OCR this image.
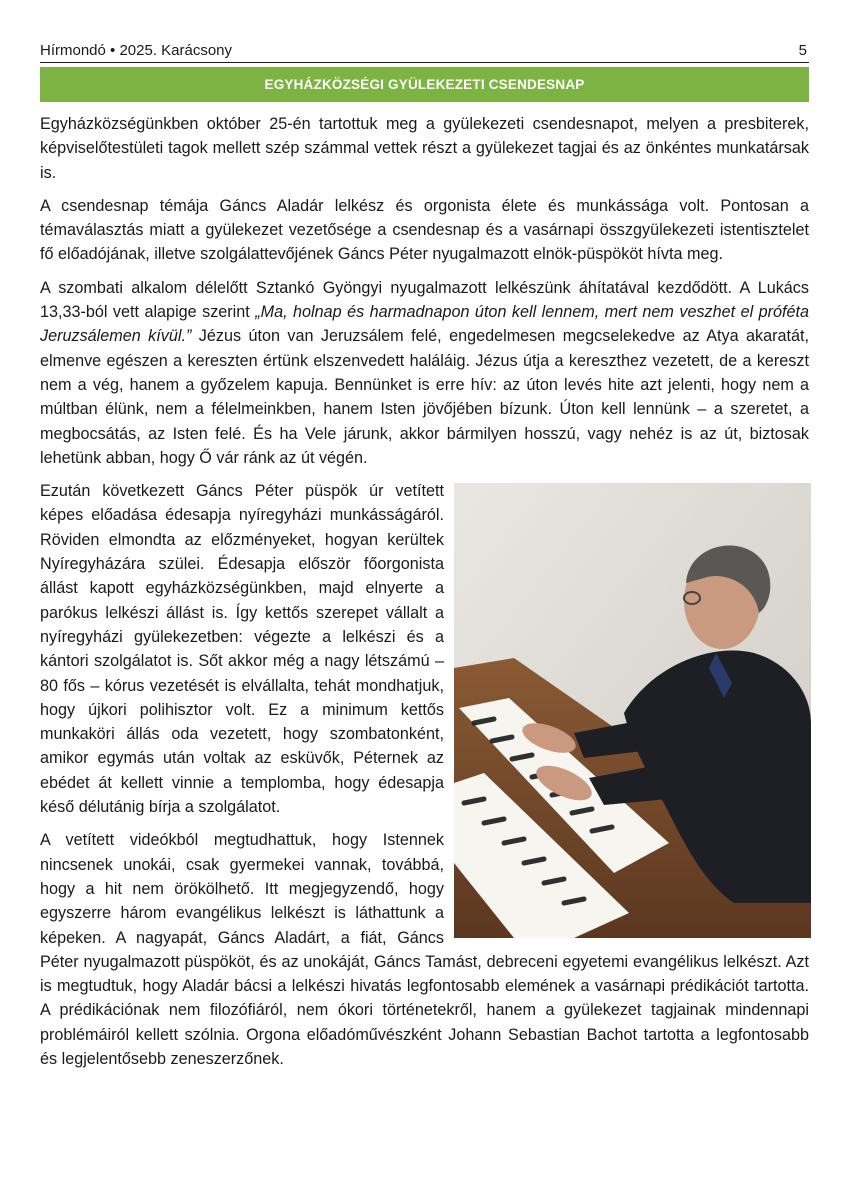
Hírmondó • 2025. Karácsony	5
EGYHÁZKÖZSÉGI GYÜLEKEZETI CSENDESNAP

Egyházközségünkben október 25-én tartottuk meg a gyülekezeti csendesnapot, melyen a presbiterek, képviselőtestületi tagok mellett szép számmal vettek részt a gyülekezet tagjai és az önkéntes munkatársak is.

A csendesnap témája Gáncs Aladár lelkész és orgonista élete és munkássága volt. Pontosan a témaválasztás miatt a gyülekezet vezetősége a csendesnap és a vasárnapi összgyülekezeti istentisztelet fő előadójának, illetve szolgálattevőjének Gáncs Péter nyugalmazott elnök-püspököt hívta meg.

A szombati alkalom délelőtt Sztankó Gyöngyi nyugalmazott lelkészünk áhítatával kezdődött. A Lukács 13,33-ból vett alapige szerint „Ma, holnap és harmadnapon úton kell lennem, mert nem veszhet el próféta Jeruzsálemen kívül.” Jézus úton van Jeruzsálem felé, engedelmesen megcselekedve az Atya akaratát, elmenve egészen a kereszten értünk elszenvedett haláláig. Jézus útja a kereszthez vezetett, de a kereszt nem a vég, hanem a győzelem kapuja. Bennünket is erre hív: az úton levés hite azt jelenti, hogy nem a múltban élünk, nem a félelmeinkben, hanem Isten jövőjében bízunk. Úton kell lennünk – a szeretet, a megbocsátás, az Isten felé. És ha Vele járunk, akkor bármilyen hosszú, vagy nehéz is az út, biztosak lehetünk abban, hogy Ő vár ránk az út végén.

Ezután következett Gáncs Péter püspök úr vetített képes előadása édesapja nyíregyházi munkásságáról. Röviden elmondta az előzményeket, hogyan kerültek Nyíregyházára szülei. Édesapja először főorgonista állást kapott egyházközségünkben, majd elnyerte a parókus lelkészi állást is. Így kettős szerepet vállalt a nyíregyházi gyülekezetben: végezte a lelkészi és a kántori szolgálatot is. Sőt akkor még a nagy létszámú – 80 fős – kórus vezetését is elvállalta, tehát mondhatjuk, hogy újkori polihisztor volt. Ez a minimum kettős munkaköri állás oda vezetett, hogy szombatonként, amikor egymás után voltak az esküvők, Péternek az ebédet át kellett vinnie a templomba, hogy édesapja késő délutánig bírja a szolgálatot.

A vetített videókból megtudhattuk, hogy Istennek nincsenek unokái, csak gyermekei vannak, továbbá, hogy a hit nem örökölhető. Itt megjegyzendő, hogy egyszerre három evangélikus lelkészt is láthattunk a képeken. A nagyapát, Gáncs Aladárt, a fiát, Gáncs Péter nyugalmazott püspököt, és az unokáját, Gáncs Tamást, debreceni egyetemi evangélikus lelkészt. Azt is megtudtuk, hogy Aladár bácsi a lelkészi hivatás legfontosabb elemének a vasárnapi prédikációt tartotta. A prédikációnak nem filozófiáról, nem ókori történetekről, hanem a gyülekezet tagjainak mindennapi problémáiról kellett szólnia. Orgona előadóművészként Johann Sebastian Bachot tartotta a legfontosabb és legjelentősebb zeneszerzőnek.
